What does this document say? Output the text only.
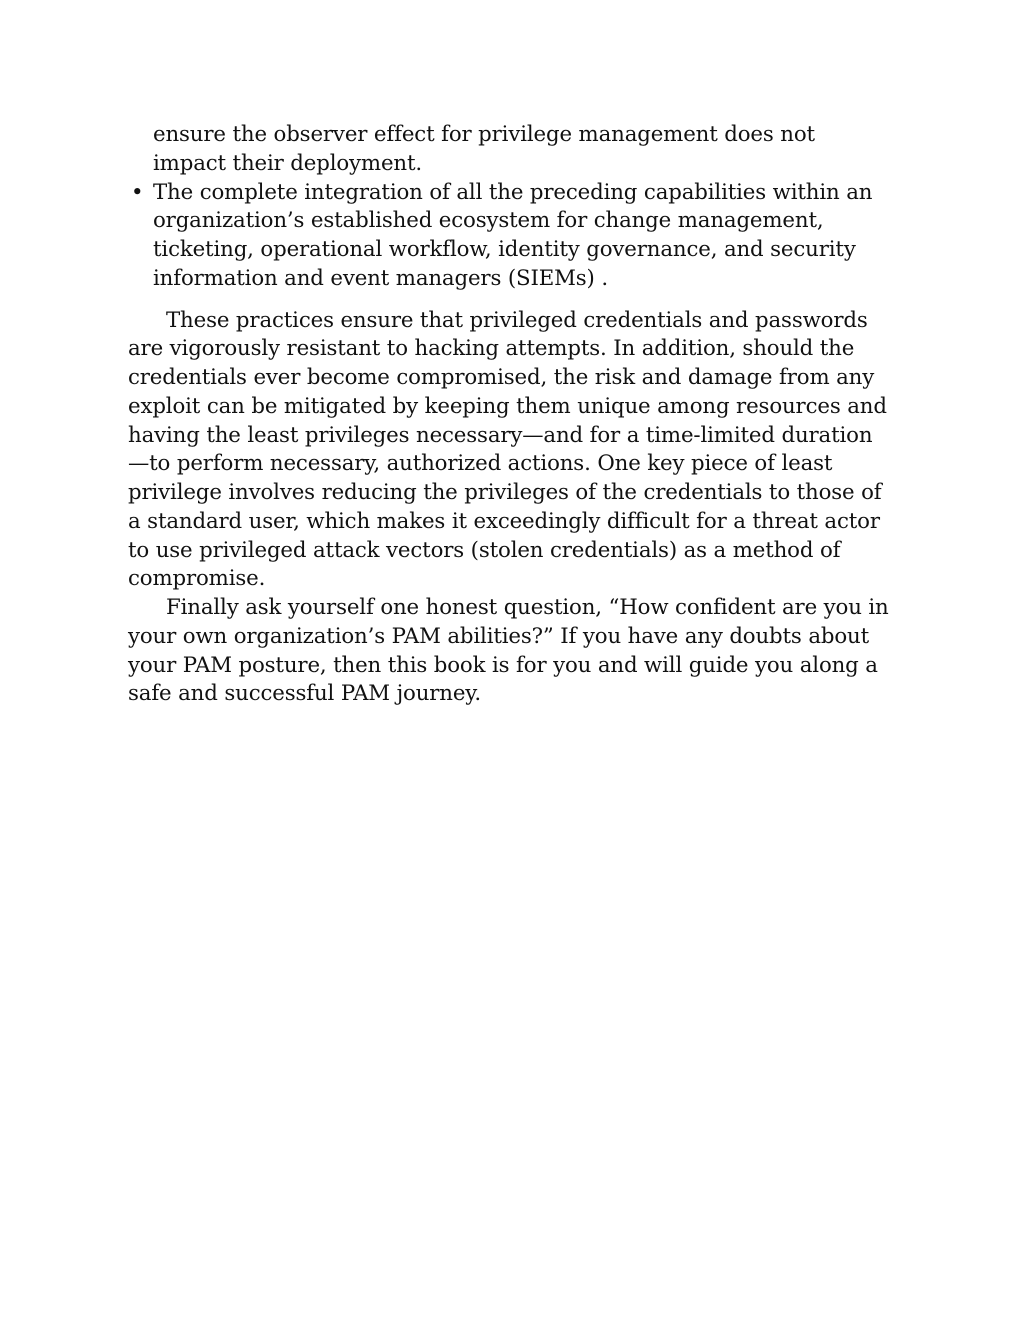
ensure the observer effect for privilege management does not impact their deployment.
• The complete integration of all the preceding capabilities within an organization’s established ecosystem for change management, ticketing, operational workflow, identity governance, and security information and event managers (SIEMs) .

These practices ensure that privileged credentials and passwords are vigorously resistant to hacking attempts. In addition, should the credentials ever become compromised, the risk and damage from any exploit can be mitigated by keeping them unique among resources and having the least privileges necessary—and for a time-limited duration —to perform necessary, authorized actions. One key piece of least privilege involves reducing the privileges of the credentials to those of a standard user, which makes it exceedingly difficult for a threat actor to use privileged attack vectors (stolen credentials) as a method of compromise.

Finally ask yourself one honest question, “How confident are you in your own organization’s PAM abilities?” If you have any doubts about your PAM posture, then this book is for you and will guide you along a safe and successful PAM journey.
